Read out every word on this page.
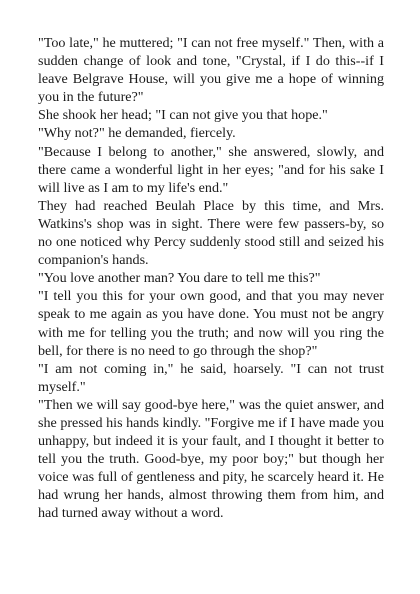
"Too late," he muttered; "I can not free myself." Then, with a sudden change of look and tone, "Crystal, if I do this--if I leave Belgrave House, will you give me a hope of winning you in the future?"

She shook her head; "I can not give you that hope."

"Why not?" he demanded, fiercely.

"Because I belong to another," she answered, slowly, and there came a wonderful light in her eyes; "and for his sake I will live as I am to my life's end."

They had reached Beulah Place by this time, and Mrs. Watkins's shop was in sight. There were few passers-by, so no one noticed why Percy suddenly stood still and seized his companion's hands.

"You love another man? You dare to tell me this?"

"I tell you this for your own good, and that you may never speak to me again as you have done. You must not be angry with me for telling you the truth; and now will you ring the bell, for there is no need to go through the shop?"

"I am not coming in," he said, hoarsely. "I can not trust myself."

"Then we will say good-bye here," was the quiet answer, and she pressed his hands kindly. "Forgive me if I have made you unhappy, but indeed it is your fault, and I thought it better to tell you the truth. Good-bye, my poor boy;" but though her voice was full of gentleness and pity, he scarcely heard it. He had wrung her hands, almost throwing them from him, and had turned away without a word.
